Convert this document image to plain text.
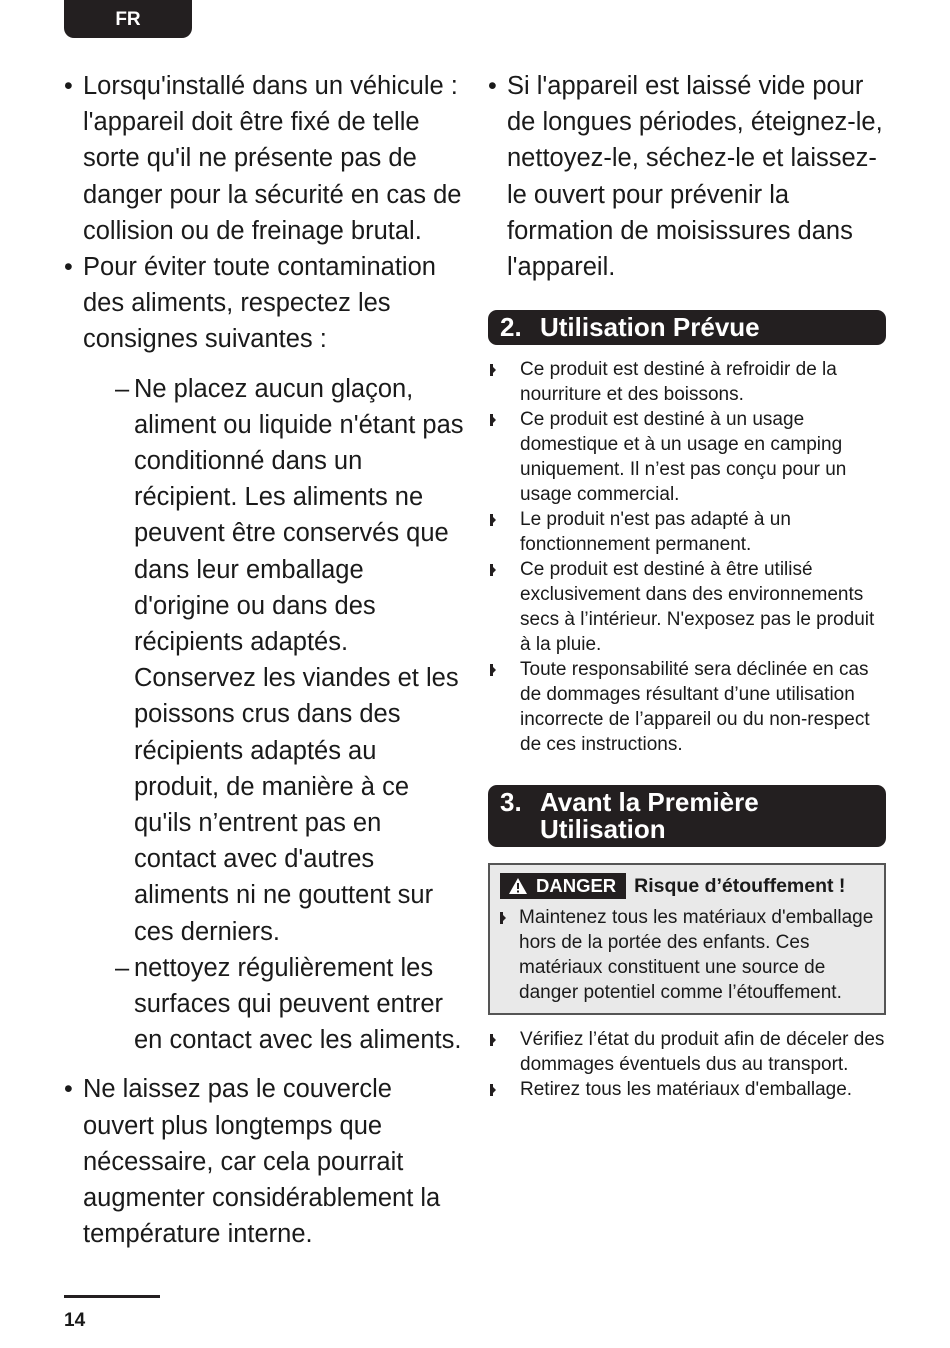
FR
• Lorsqu'installé dans un véhicule : l'appareil doit être fixé de telle sorte qu'il ne présente pas de danger pour la sécurité en cas de collision ou de freinage brutal.
• Pour éviter toute contamination des aliments, respectez les consignes suivantes :
– Ne placez aucun glaçon, aliment ou liquide n'étant pas conditionné dans un récipient. Les aliments ne peuvent être conservés que dans leur emballage d'origine ou dans des récipients adaptés. Conservez les viandes et les poissons crus dans des récipients adaptés au produit, de manière à ce qu'ils n’entrent pas en contact avec d'autres aliments ni ne gouttent sur ces derniers.
– nettoyez régulièrement les surfaces qui peuvent entrer en contact avec les aliments.
• Ne laissez pas le couvercle ouvert plus longtemps que nécessaire, car cela pourrait augmenter considérablement la température interne.
• Si l'appareil est laissé vide pour de longues périodes, éteignez-le, nettoyez-le, séchez-le et laissez-le ouvert pour prévenir la formation de moisissures dans l'appareil.
2. Utilisation Prévue
Ce produit est destiné à refroidir de la nourriture et des boissons.
Ce produit est destiné à un usage domestique et à un usage en camping uniquement. Il n’est pas conçu pour un usage commercial.
Le produit n'est pas adapté à un fonctionnement permanent.
Ce produit est destiné à être utilisé exclusivement dans des environnements secs à l’intérieur. N'exposez pas le produit à la pluie.
Toute responsabilité sera déclinée en cas de dommages résultant d’une utilisation incorrecte de l’appareil ou du non-respect de ces instructions.
3. Avant la Première Utilisation
DANGER Risque d’étouffement !
Maintenez tous les matériaux d'emballage hors de la portée des enfants. Ces matériaux constituent une source de danger potentiel comme l’étouffement.
Vérifiez l’état du produit afin de déceler des dommages éventuels dus au transport.
Retirez tous les matériaux d'emballage.
14
